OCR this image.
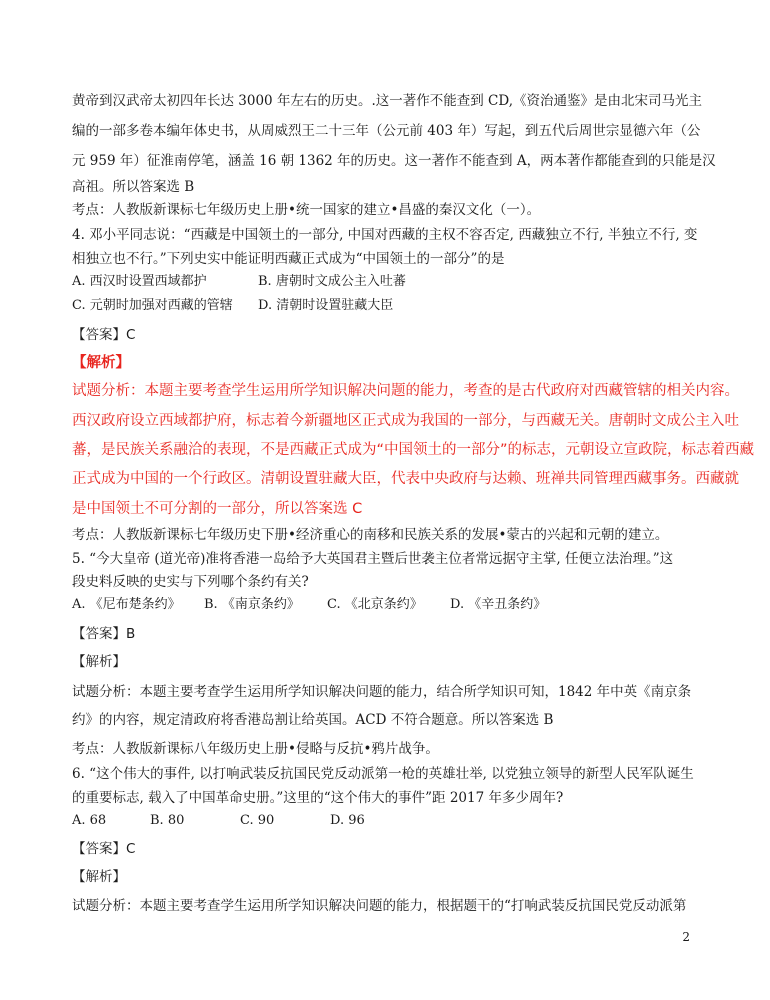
黄帝到汉武帝太初四年长达 3000 年左右的历史。.这一著作不能查到 CD,《资治通鉴》是由北宋司马光主
编的一部多卷本编年体史书，从周威烈王二十三年（公元前 403 年）写起，到五代后周世宗显德六年（公
元 959 年）征淮南停笔，涵盖 16 朝 1362 年的历史。这一著作不能查到 A，两本著作都能查到的只能是汉
高祖。所以答案选 B
考点：人教版新课标七年级历史上册•统一国家的建立•昌盛的秦汉文化（一）。
4. 邓小平同志说：“西藏是中国领土的一部分, 中国对西藏的主权不容否定, 西藏独立不行, 半独立不行, 变
相独立也不行。”下列史实中能证明西藏正式成为“中国领土的一部分”的是
A. 西汉时设置西域都护	B. 唐朝时文成公主入吐蕃
C. 元朝时加强对西藏的管辖 D. 清朝时设置驻藏大臣
【答案】C
【解析】
试题分析：本题主要考查学生运用所学知识解决问题的能力，考查的是古代政府对西藏管辖的相关内容。
西汉政府设立西域都护府，标志着今新疆地区正式成为我国的一部分，与西藏无关。唐朝时文成公主入吐
蕃，是民族关系融洽的表现，不是西藏正式成为“中国领土的一部分”的标志，元朝设立宣政院，标志着西藏
正式成为中国的一个行政区。清朝设置驻藏大臣，代表中央政府与达赖、班禅共同管理西藏事务。西藏就
是中国领土不可分割的一部分，所以答案选 C
考点：人教版新课标七年级历史下册•经济重心的南移和民族关系的发展•蒙古的兴起和元朝的建立。
5. “今大皇帝 (道光帝)准将香港一岛给予大英国君主暨后世袭主位者常远据守主掌, 任便立法治理。”这
段史料反映的史实与下列哪个条约有关?
A. 《尼布楚条约》 B. 《南京条约》 C. 《北京条约》 D. 《辛丑条约》
【答案】B
【解析】
试题分析：本题主要考查学生运用所学知识解决问题的能力，结合所学知识可知，1842 年中英《南京条
约》的内容，规定清政府将香港岛割让给英国。ACD 不符合题意。所以答案选 B
考点：人教版新课标八年级历史上册•侵略与反抗•鸦片战争。
6. “这个伟大的事件, 以打响武装反抗国民党反动派第一枪的英雄壮举, 以党独立领导的新型人民军队诞生
的重要标志, 载入了中国革命史册。”这里的“这个伟大的事件”距 2017 年多少周年?
A. 68	B. 80	C. 90	D. 96
【答案】C
【解析】
试题分析：本题主要考查学生运用所学知识解决问题的能力，根据题干的“打响武装反抗国民党反动派第
2
